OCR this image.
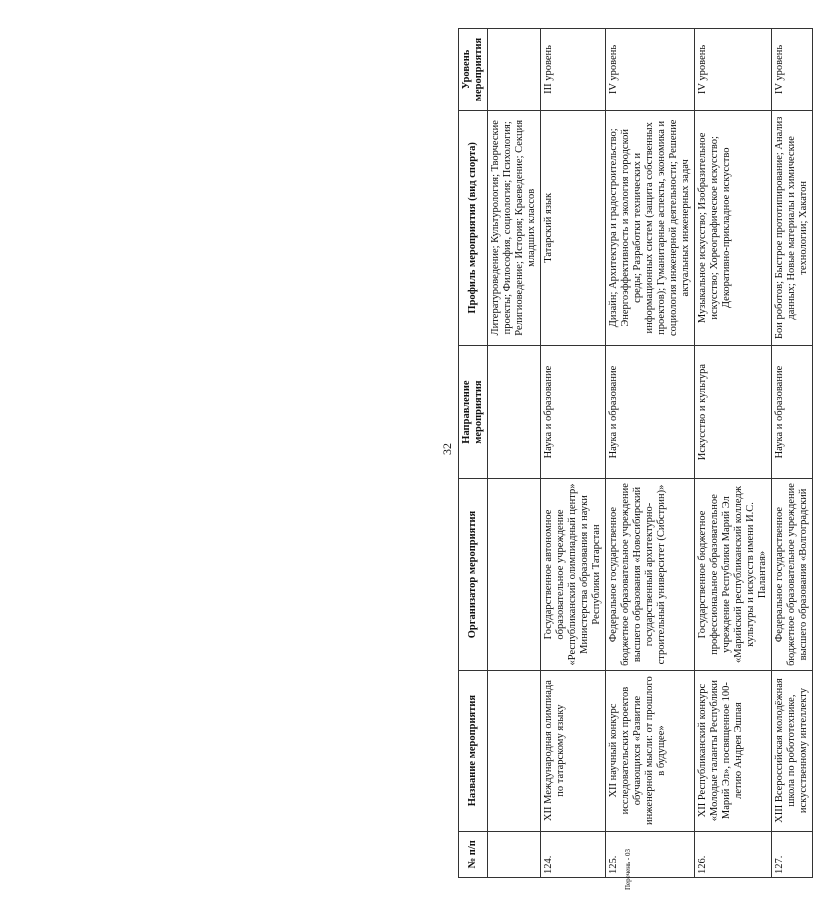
32
№ п/п	Название мероприятия	Организатор мероприятия	Направление мероприятия	Профиль мероприятия (вид спорта)	Уровень мероприятия
				Литературоведение; Культурология; Творческие проекты; Философия, социология; Психология; Религиоведение; История; Краеведение; Секция младших классов	
124.	XII Международная олимпиада по татарскому языку	Государственное автономное образовательное учреждение «Республиканский олимпиадный центр» Министерства образования и науки Республики Татарстан	Наука и образование	Татарский язык	III уровень
125.	XII научный конкурс исследовательских проектов обучающихся «Развитие инженерной мысли: от прошлого в будущее»	Федеральное государственное бюджетное образовательное учреждение высшего образования «Новосибирский государственный архитектурно-строительный университет (Сибстрин)»	Наука и образование	Дизайн; Архитектура и градостроительство; Энергоэффективность и экология городской среды; Разработки технических и информационных систем (защита собственных проектов); Гуманитарные аспекты, экономика и социология инженерной деятельности; Решение актуальных инженерных задач	IV уровень
126.	XII Республиканский конкурс «Молодые таланты Республики Марий Эл», посвященное 100-летию Андрея Эшпая	Государственное бюджетное профессиональное образовательное учреждение Республики Марий Эл «Марийский республиканский колледж культуры и искусств имени И.С. Палантая»	Искусство и культура	Музыкальное искусство; Изобразительное искусство; Хореографическое искусство; Декоративно-прикладное искусство	IV уровень
127.	XIII Всероссийская молодёжная школа по робототехнике, искусственному интеллекту	Федеральное государственное бюджетное образовательное учреждение высшего образования «Волгоградский	Наука и образование	Бои роботов; Быстрое прототипирование; Анализ данных; Новые материалы и химические технологии; Хакатон	IV уровень
Перечень - 03
